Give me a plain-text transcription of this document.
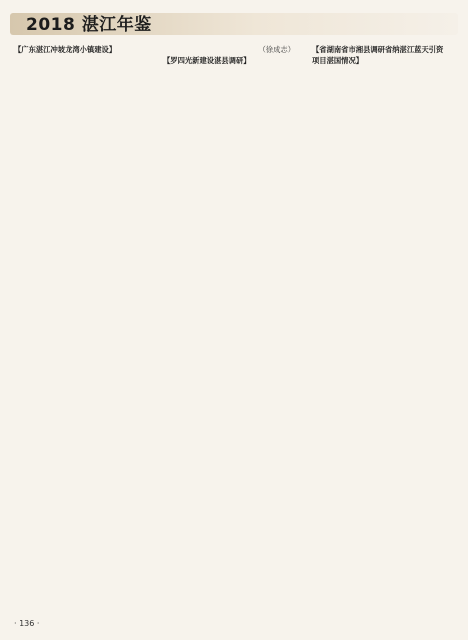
2018 湛江年鉴

【广东湛江冲坡龙湾小镇建设】	（徐成志）

【罗四光新建设湛县调研】

【省湖南省市湘县调研省纳湛江蓝天引资项目湛国情况】

· 136 ·
